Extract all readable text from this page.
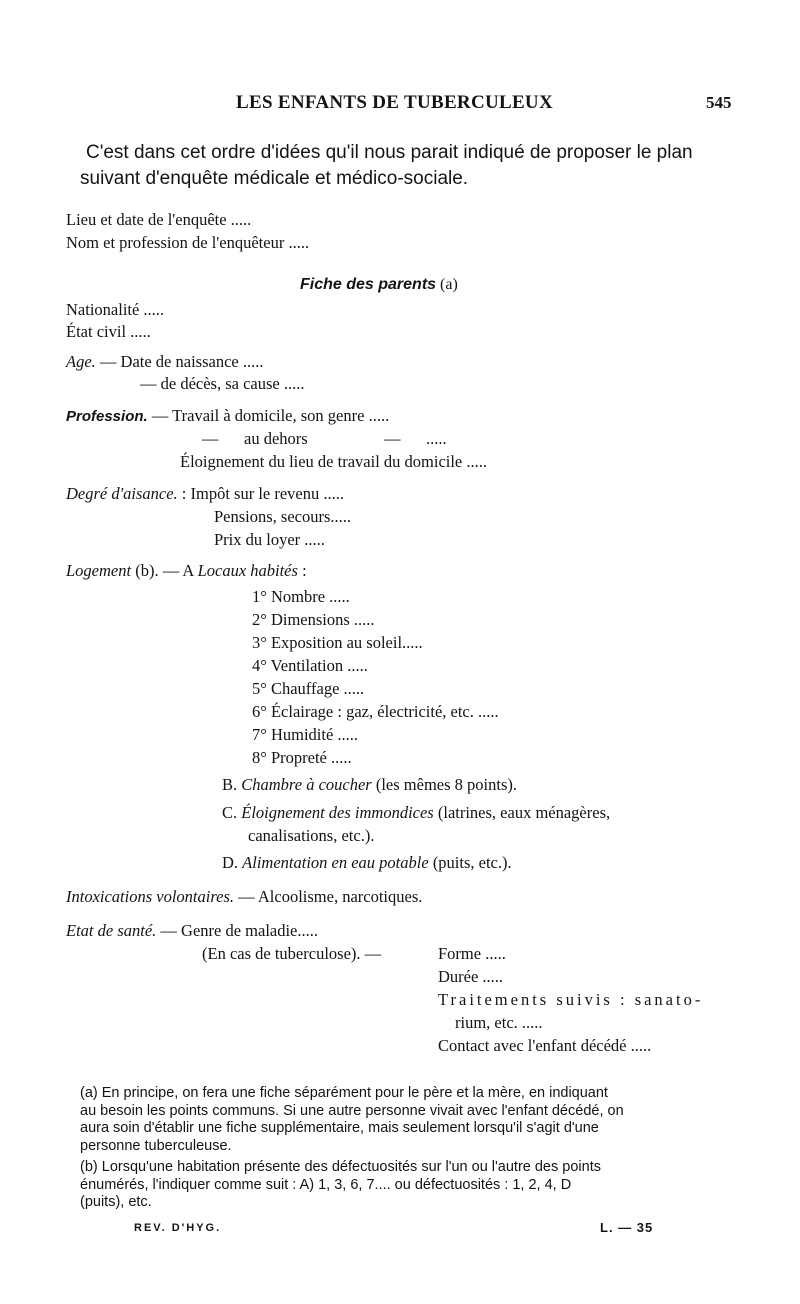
LES ENFANTS DE TUBERCULEUX	545
C'est dans cet ordre d'idées qu'il nous parait indiqué de proposer le plan
suivant d'enquête médicale et médico-sociale.
Lieu et date de l'enquête .....
Nom et profession de l'enquêteur .....
Fiche des parents (a)
Nationalité .....
État civil .....
Age. — Date de naissance .....
— de décès, sa cause .....
Profession. — Travail à domicile, son genre .....
— au dehors	— .....
Éloignement du lieu de travail du domicile .....
Degré d'aisance. : Impôt sur le revenu .....
Pensions, secours.....
Prix du loyer .....
Logement (b). — A Locaux habités :
1° Nombre .....
2° Dimensions .....
3° Exposition au soleil.....
4° Ventilation .....
5° Chauffage .....
6° Éclairage : gaz, électricité, etc. .....
7° Humidité .....
8° Propreté .....
B. Chambre à coucher (les mêmes 8 points).
C. Éloignement des immondices (latrines, eaux ménagères,
canalisations, etc.).
D. Alimentation en eau potable (puits, etc.).
Intoxications volontaires. — Alcoolisme, narcotiques.
Etat de santé. — Genre de maladie.....
(En cas de tuberculose). —	Forme .....
Durée .....
Traitements suivis : sanato-
rium, etc. .....
Contact avec l'enfant décédé .....
(a) En principe, on fera une fiche séparément pour le père et la mère, en indiquant
au besoin les points communs. Si une autre personne vivait avec l'enfant décédé, on
aura soin d'établir une fiche supplémentaire, mais seulement lorsqu'il s'agit d'une
personne tuberculeuse.
(b) Lorsqu'une habitation présente des défectuosités sur l'un ou l'autre des points
énumérés, l'indiquer comme suit : A) 1, 3, 6, 7.... ou défectuosités : 1, 2, 4, D
(puits), etc.
REV. D'HYG.	L. — 35
